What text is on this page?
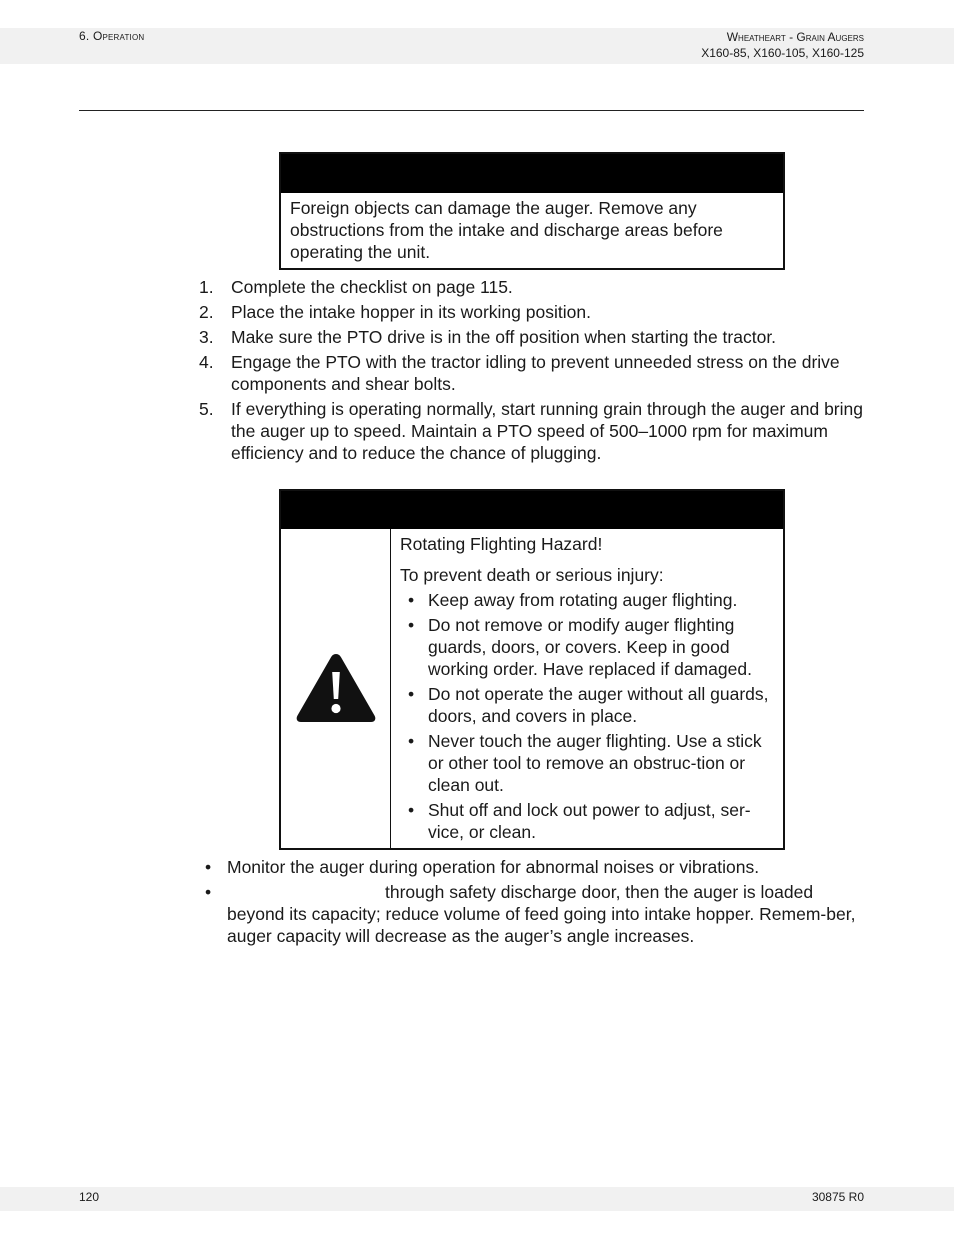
6. Operation	Wheatheart - Grain Augers
X160-85, X160-105, X160-125
Foreign objects can damage the auger. Remove any obstructions from the intake and discharge areas before operating the unit.
1. Complete the checklist on page 115.
2. Place the intake hopper in its working position.
3. Make sure the PTO drive is in the off position when starting the tractor.
4. Engage the PTO with the tractor idling to prevent unneeded stress on the drive components and shear bolts.
5. If everything is operating normally, start running grain through the auger and bring the auger up to speed. Maintain a PTO speed of 500–1000 rpm for maximum efficiency and to reduce the chance of plugging.

Rotating Flighting Hazard!

To prevent death or serious injury:

• Keep away from rotating auger flighting.
• Do not remove or modify auger flighting guards, doors, or covers. Keep in good working order. Have replaced if damaged.
• Do not operate the auger without all guards, doors, and covers in place.
• Never touch the auger flighting. Use a stick or other tool to remove an obstruc-tion or clean out.
• Shut off and lock out power to adjust, ser-vice, or clean.
• Monitor the auger during operation for abnormal noises or vibrations.
•	through safety discharge door, then the auger is loaded beyond its capacity; reduce volume of feed going into intake hopper. Remem-ber, auger capacity will decrease as the auger’s angle increases.
120	30875 R0
